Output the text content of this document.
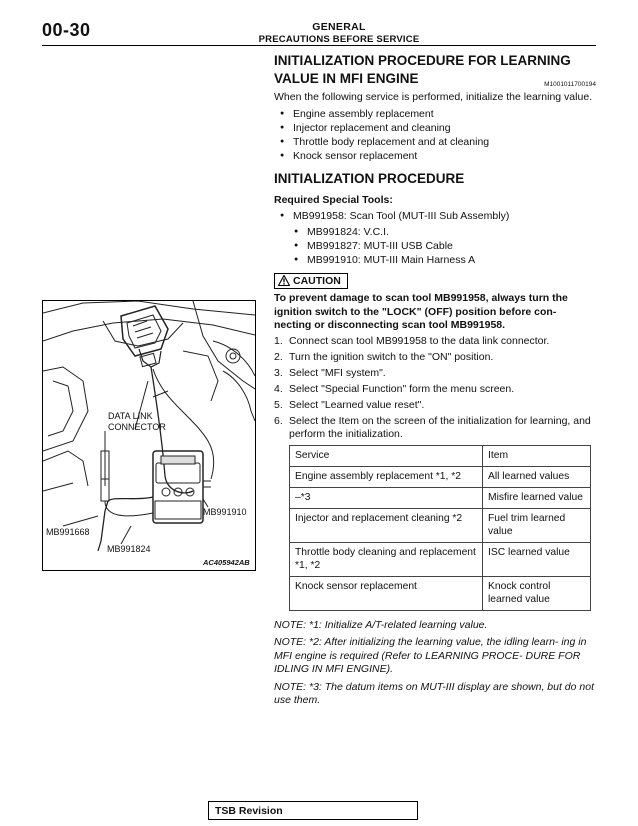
00-30	GENERAL
PRECAUTIONS BEFORE SERVICE
DATA LINK
CONNECTOR
MB991910
MB991668
MB991824
AC405942AB
INITIALIZATION PROCEDURE FOR LEARNING VALUE IN MFI ENGINE	M1001011700194
When the following service is performed, initialize the learning value.
● Engine assembly replacement
● Injector replacement and cleaning
● Throttle body replacement and at cleaning
● Knock sensor replacement
INITIALIZATION PROCEDURE
Required Special Tools:
● MB991958: Scan Tool (MUT-III Sub Assembly)
● MB991824: V.C.I.
● MB991827: MUT-III USB Cable
● MB991910: MUT-III Main Harness A
CAUTION
To prevent damage to scan tool MB991958, always turn the ignition switch to the "LOCK" (OFF) position before con- necting or disconnecting scan tool MB991958.
1. Connect scan tool MB991958 to the data link connector.
2. Turn the ignition switch to the "ON" position.
3. Select "MFI system".
4. Select "Special Function" form the menu screen.
5. Select "Learned value reset".
6. Select the Item on the screen of the initialization for learning, and perform the initialization.
Service	Item
Engine assembly replacement *1, *2	All learned values
–*3	Misfire learned value
Injector and replacement cleaning *2	Fuel trim learned value
Throttle body cleaning and replacement *1, *2	ISC learned value
Knock sensor replacement	Knock control learned value
NOTE: *1: Initialize A/T-related learning value.
NOTE: *2: After initializing the learning value, the idling learn- ing in MFI engine is required (Refer to LEARNING PROCE- DURE FOR IDLING IN MFI ENGINE).
NOTE: *3: The datum items on MUT-III display are shown, but do not use them.
TSB Revision
